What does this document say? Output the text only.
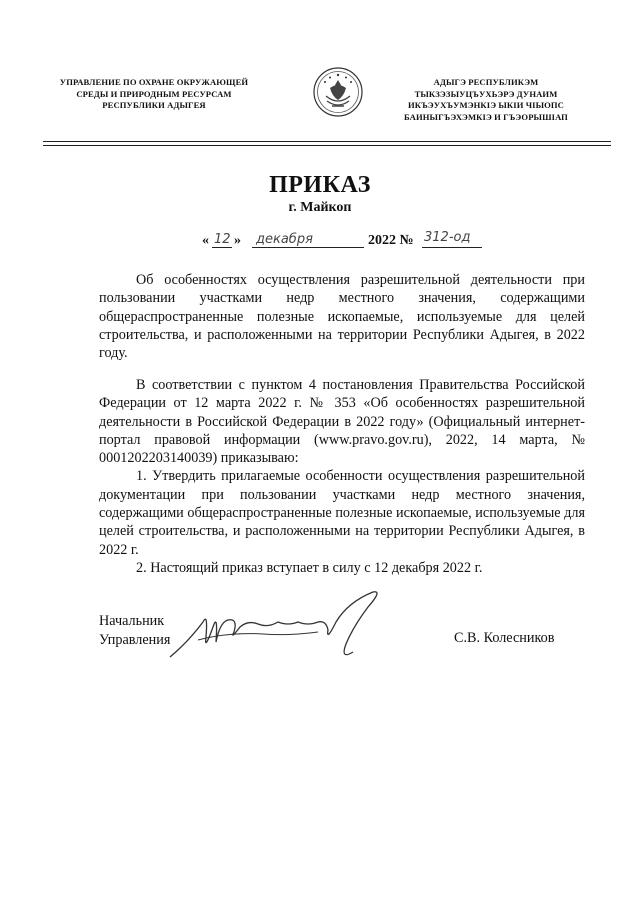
УПРАВЛЕНИЕ ПО ОХРАНЕ ОКРУЖАЮЩЕЙ
СРЕДЫ И ПРИРОДНЫМ РЕСУРСАМ
РЕСПУБЛИКИ АДЫГЕЯ
АДЫГЭ РЕСПУБЛИКЭМ
ТЫКЗЭЗЫУЦЪУХЬЭРЭ ДУНАИМ
ИКЪЭУХЪУМЭНКIЭ ЫКIИ ЧIЫОПС
БАИНЫГЪЭХЭМКIЭ И ГЪЭОРЫШIАП
ПРИКАЗ
г. Майкоп
« 12 » декабря	2022 № 312-од

Об особенностях осуществления разрешительной деятельности при пользовании участками недр местного значения, содержащими общераспространенные полезные ископаемые, используемые для целей строительства, и расположенными на территории Республики Адыгея, в 2022 году.

В соответствии с пунктом 4 постановления Правительства Российской Федерации от 12 марта 2022 г. № 353 «Об особенностях разрешительной деятельности в Российской Федерации в 2022 году» (Официальный интернет-портал правовой информации (www.pravo.gov.ru), 2022, 14 марта, № 0001202203140039) приказываю:

1. Утвердить прилагаемые особенности осуществления разрешительной документации при пользовании участками недр местного значения, содержащими общераспространенные полезные ископаемые, используемые для целей строительства, и расположенными на территории Республики Адыгея, в 2022 г.

2. Настоящий приказ вступает в силу с 12 декабря 2022 г.

Начальник
Управления	С.В. Колесников
